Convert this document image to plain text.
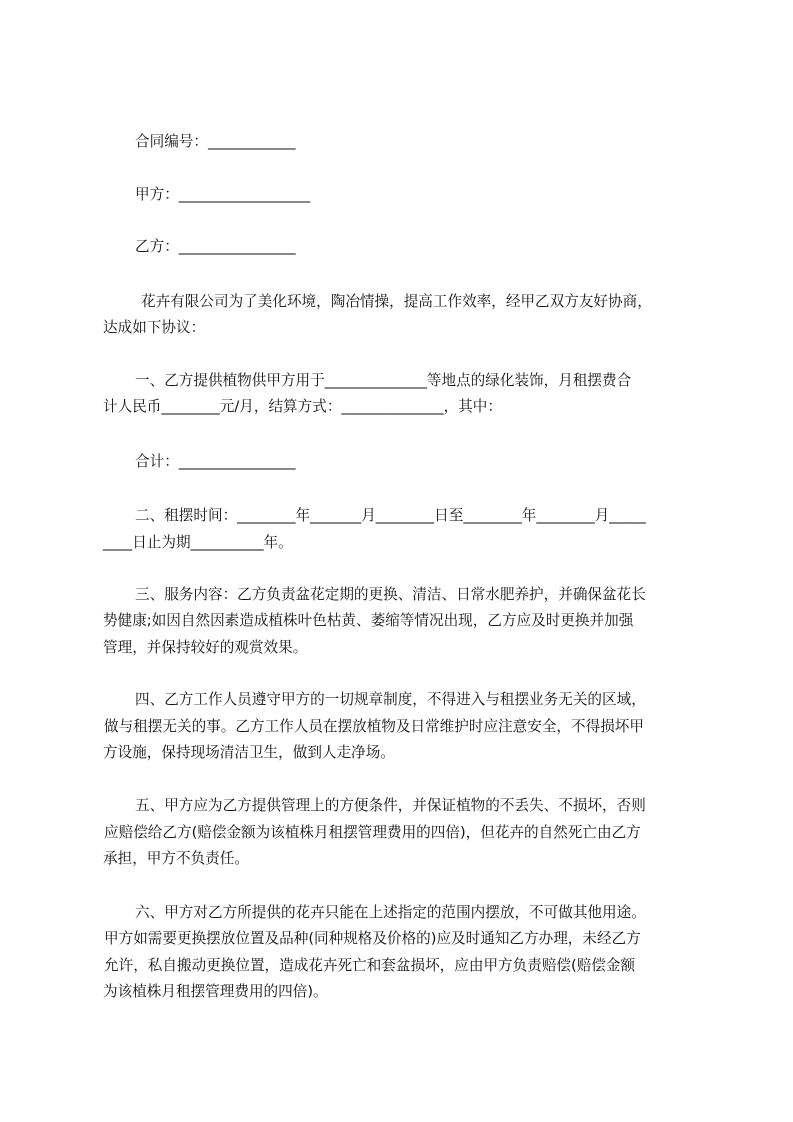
合同编号：____________

甲方：__________________

乙方：________________

花卉有限公司为了美化环境，陶冶情操，提高工作效率，经甲乙双方友好协商，

达成如下协议：

一、乙方提供植物供甲方用于______________等地点的绿化装饰，月租摆费合

计人民币________元/月，结算方式：______________，其中：

合计：________________

二、租摆时间：________年_______月________日至________年________月_____

____日止为期__________年。

三、服务内容：乙方负责盆花定期的更换、清洁、日常水肥养护，并确保盆花长

势健康;如因自然因素造成植株叶色枯黄、萎缩等情况出现，乙方应及时更换并加强

管理，并保持较好的观赏效果。

四、乙方工作人员遵守甲方的一切规章制度，不得进入与租摆业务无关的区域，

做与租摆无关的事。乙方工作人员在摆放植物及日常维护时应注意安全，不得损坏甲

方设施，保持现场清洁卫生，做到人走净场。

五、甲方应为乙方提供管理上的方便条件，并保证植物的不丢失、不损坏，否则

应赔偿给乙方(赔偿金额为该植株月租摆管理费用的四倍)，但花卉的自然死亡由乙方

承担，甲方不负责任。

六、甲方对乙方所提供的花卉只能在上述指定的范围内摆放，不可做其他用途。

甲方如需要更换摆放位置及品种(同种规格及价格的)应及时通知乙方办理，未经乙方

允许，私自搬动更换位置，造成花卉死亡和套盆损坏，应由甲方负责赔偿(赔偿金额

为该植株月租摆管理费用的四倍)。
